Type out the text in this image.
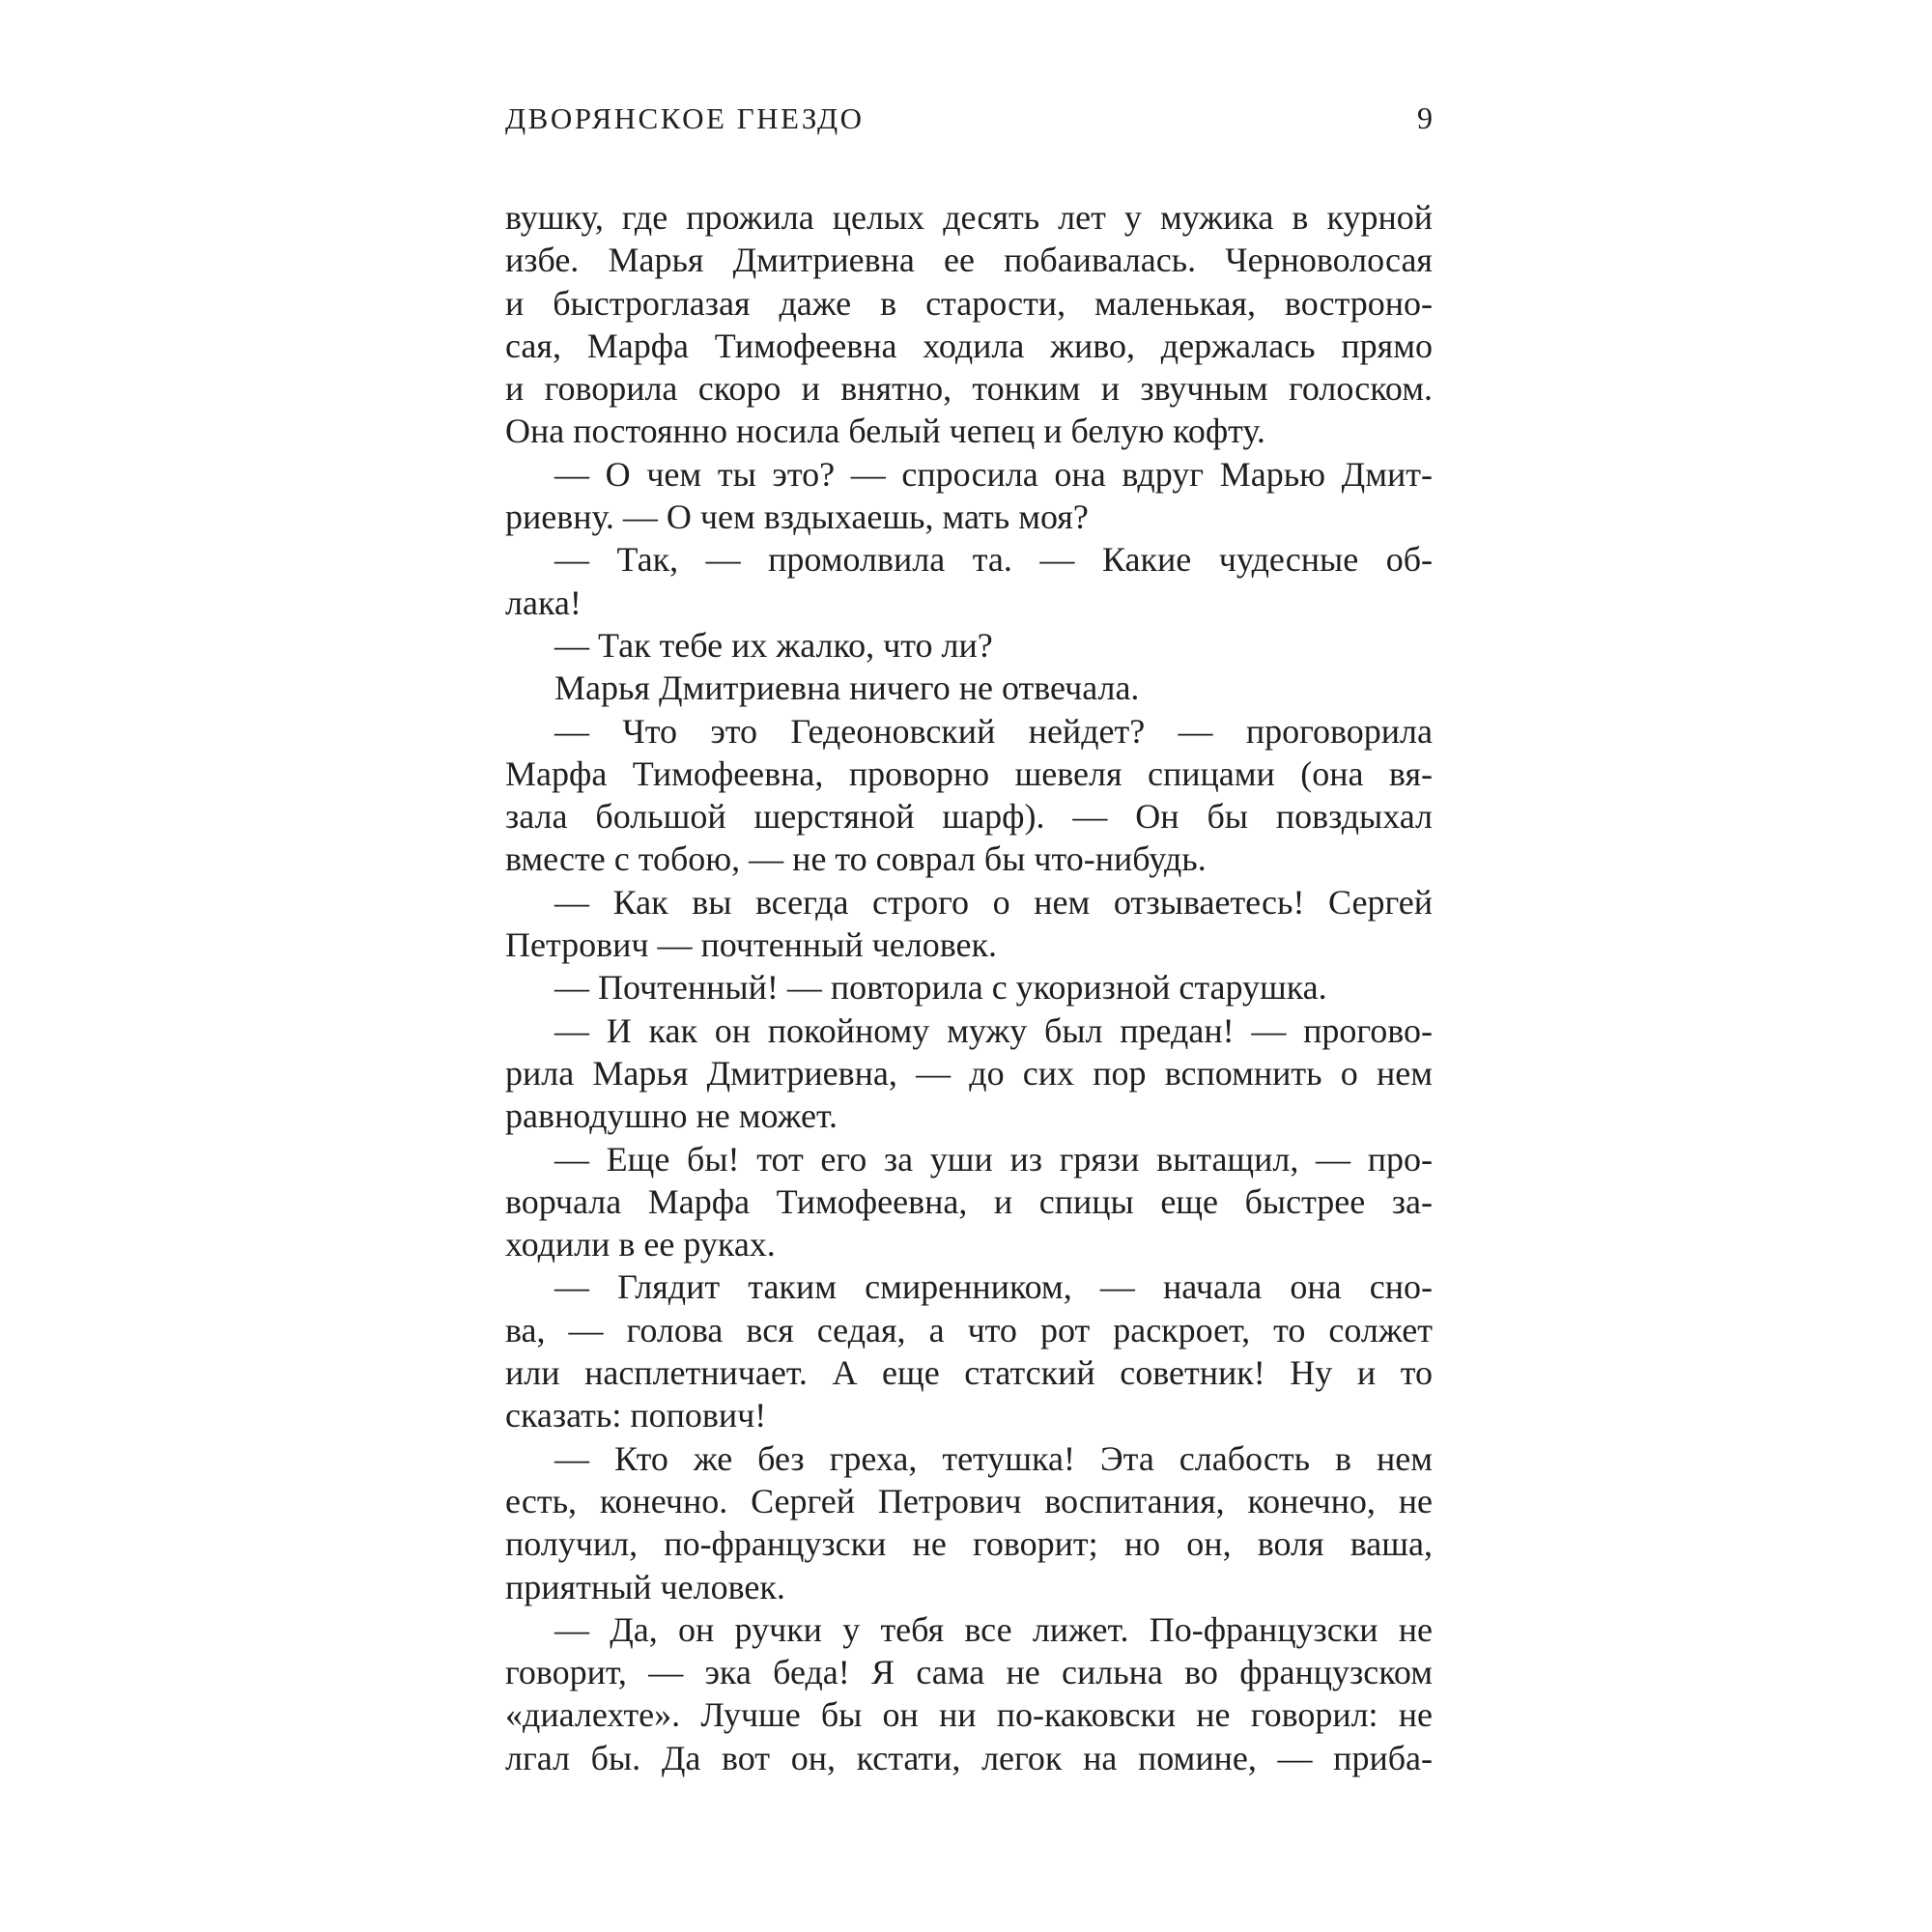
ДВОРЯНСКОЕ ГНЕЗДО	9
вушку, где прожила целых десять лет у мужика в курной
избе. Марья Дмитриевна ее побаивалась. Черноволосая
и быстроглазая даже в старости, маленькая, востроно-
сая, Марфа Тимофеевна ходила живо, держалась прямо
и говорила скоро и внятно, тонким и звучным голоском.
Она постоянно носила белый чепец и белую кофту.
— О чем ты это? — спросила она вдруг Марью Дмит-
риевну. — О чем вздыхаешь, мать моя?
— Так, — промолвила та. — Какие чудесные об-
лака!
— Так тебе их жалко, что ли?
Марья Дмитриевна ничего не отвечала.
— Что это Гедеоновский нейдет? — проговорила
Марфа Тимофеевна, проворно шевеля спицами (она вя-
зала большой шерстяной шарф). — Он бы повздыхал
вместе с тобою, — не то соврал бы что-нибудь.
— Как вы всегда строго о нем отзываетесь! Сергей
Петрович — почтенный человек.
— Почтенный! — повторила с укоризной старушка.
— И как он покойному мужу был предан! — прогово-
рила Марья Дмитриевна, — до сих пор вспомнить о нем
равнодушно не может.
— Еще бы! тот его за уши из грязи вытащил, — про-
ворчала Марфа Тимофеевна, и спицы еще быстрее за-
ходили в ее руках.
— Глядит таким смиренником, — начала она сно-
ва, — голова вся седая, а что рот раскроет, то солжет
или насплетничает. А еще статский советник! Ну и то
сказать: попович!
— Кто же без греха, тетушка! Эта слабость в нем
есть, конечно. Сергей Петрович воспитания, конечно, не
получил, по-французски не говорит; но он, воля ваша,
приятный человек.
— Да, он ручки у тебя все лижет. По-французски не
говорит, — эка беда! Я сама не сильна во французском
«диалехте». Лучше бы он ни по-каковски не говорил: не
лгал бы. Да вот он, кстати, легок на помине, — приба-
